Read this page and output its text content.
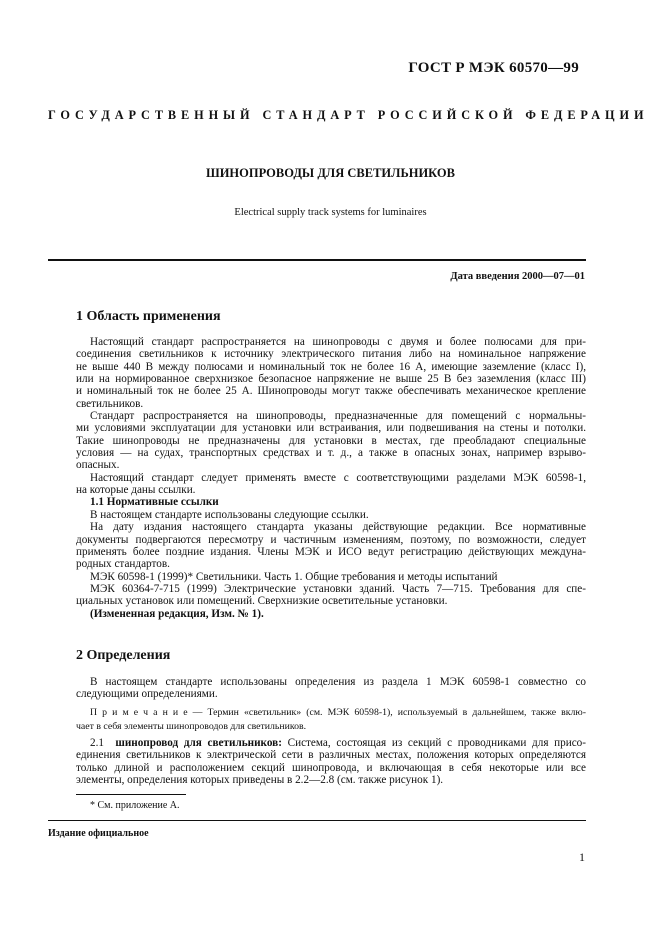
ГОСТ Р МЭК 60570—99
ГОСУДАРСТВЕННЫЙ СТАНДАРТ РОССИЙСКОЙ ФЕДЕРАЦИИ
ШИНОПРОВОДЫ ДЛЯ СВЕТИЛЬНИКОВ
Electrical supply track systems for luminaires
Дата введения 2000—07—01
1 Область применения
Настоящий стандарт распространяется на шинопроводы с двумя и более полюсами для при-
соединения светильников к источнику электрического питания либо на номинальное напряжение
не выше 440 В между полюсами и номинальный ток не более 16 А, имеющие заземление (класс I),
или на нормированное сверхнизкое безопасное напряжение не выше 25 В без заземления (класс III)
и номинальный ток не более 25 А. Шинопроводы могут также обеспечивать механическое крепление
светильников.
Стандарт распространяется на шинопроводы, предназначенные для помещений с нормальны-
ми условиями эксплуатации для установки или встраивания, или подвешивания на стены и потолки.
Такие шинопроводы не предназначены для установки в местах, где преобладают специальные
условия — на судах, транспортных средствах и т. д., а также в опасных зонах, например взрыво-
опасных.
Настоящий стандарт следует применять вместе с соответствующими разделами МЭК 60598-1,
на которые даны ссылки.
1.1 Нормативные ссылки
В настоящем стандарте использованы следующие ссылки.
На дату издания настоящего стандарта указаны действующие редакции. Все нормативные
документы подвергаются пересмотру и частичным изменениям, поэтому, по возможности, следует
применять более поздние издания. Члены МЭК и ИСО ведут регистрацию действующих междуна-
родных стандартов.
МЭК 60598-1 (1999)* Светильники. Часть 1. Общие требования и методы испытаний
МЭК 60364-7-715 (1999) Электрические установки зданий. Часть 7—715. Требования для спе-
циальных установок или помещений. Сверхнизкие осветительные установки.
(Измененная редакция, Изм. № 1).
2 Определения
В настоящем стандарте использованы определения из раздела 1 МЭК 60598-1 совместно со
следующими определениями.
П р и м е ч а н и е — Термин «светильник» (см. МЭК 60598-1), используемый в дальнейшем, также вклю-
чает в себя элементы шинопроводов для светильников.
2.1 шинопровод для светильников: Система, состоящая из секций с проводниками для присо-
единения светильников к электрической сети в различных местах, положения которых определяются
только длиной и расположением секций шинопровода, и включающая в себя некоторые или все
элементы, определения которых приведены в 2.2—2.8 (см. также рисунок 1).
* См. приложение А.
Издание официальное
1
